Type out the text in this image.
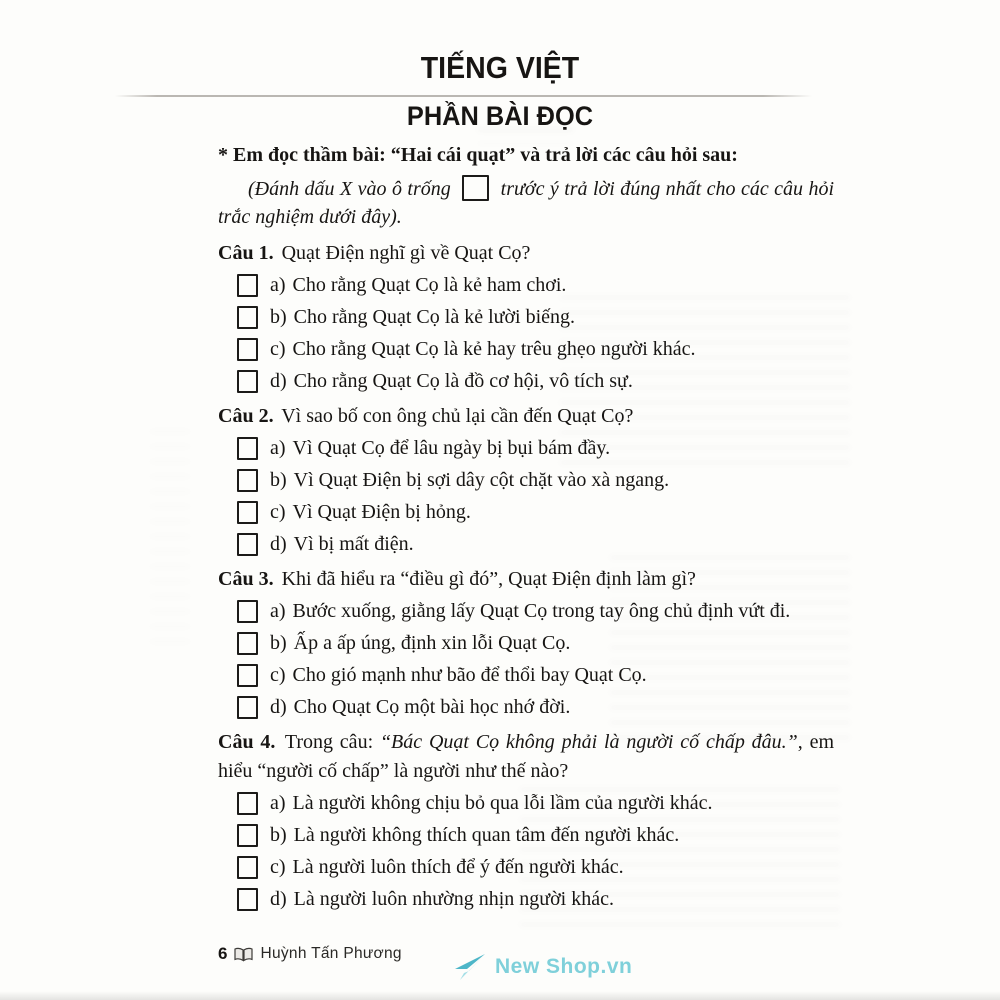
TIẾNG VIỆT
PHẦN BÀI ĐỌC

* Em đọc thầm bài: “Hai cái quạt” và trả lời các câu hỏi sau:

(Đánh dấu X vào ô trống trước ý trả lời đúng nhất cho các câu hỏi trắc nghiệm dưới đây).

Câu 1. Quạt Điện nghĩ gì về Quạt Cọ?

a) Cho rằng Quạt Cọ là kẻ ham chơi.
b) Cho rằng Quạt Cọ là kẻ lười biếng.
c) Cho rằng Quạt Cọ là kẻ hay trêu ghẹo người khác.
d) Cho rằng Quạt Cọ là đồ cơ hội, vô tích sự.

Câu 2. Vì sao bố con ông chủ lại cần đến Quạt Cọ?

a) Vì Quạt Cọ để lâu ngày bị bụi bám đầy.
b) Vì Quạt Điện bị sợi dây cột chặt vào xà ngang.
c) Vì Quạt Điện bị hỏng.
d) Vì bị mất điện.

Câu 3. Khi đã hiểu ra “điều gì đó”, Quạt Điện định làm gì?

a) Bước xuống, giằng lấy Quạt Cọ trong tay ông chủ định vứt đi.
b) Ấp a ấp úng, định xin lỗi Quạt Cọ.
c) Cho gió mạnh như bão để thổi bay Quạt Cọ.
d) Cho Quạt Cọ một bài học nhớ đời.

Câu 4. Trong câu: “Bác Quạt Cọ không phải là người cố chấp đâu.”, em hiểu “người cố chấp” là người như thế nào?

a) Là người không chịu bỏ qua lỗi lầm của người khác.
b) Là người không thích quan tâm đến người khác.
c) Là người luôn thích để ý đến người khác.
d) Là người luôn nhường nhịn người khác.
6 Huỳnh Tấn Phương
New Shop.vn
